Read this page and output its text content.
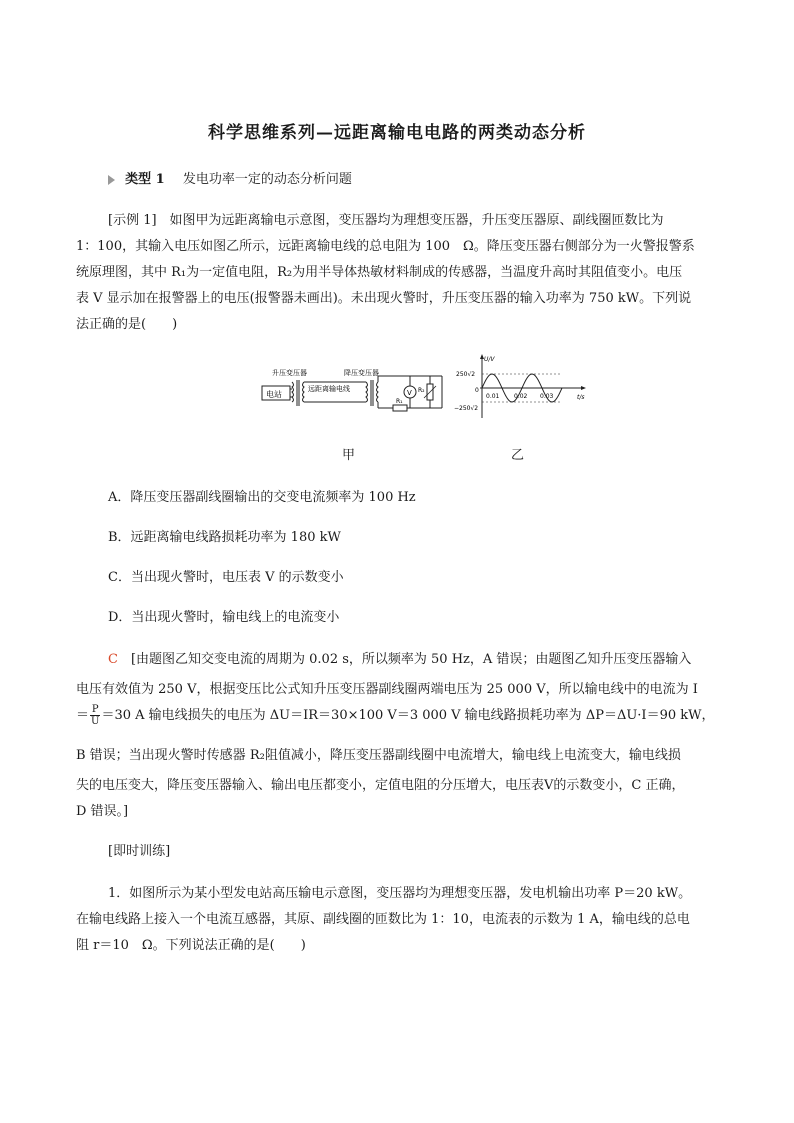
科学思维系列—远距离输电电路的两类动态分析
类型 1 发电功率一定的动态分析问题
[示例 1]　如图甲为远距离输电示意图，变压器均为理想变压器，升压变压器原、副线圈匝数比为
1：100，其输入电压如图乙所示，远距离输电线的总电阻为 100　Ω。降压变压器右侧部分为一火警报警系
统原理图，其中 R₁为一定值电阻，R₂为用半导体热敏材料制成的传感器，当温度升高时其阻值变小。电压
表 V 显示加在报警器上的电压(报警器未画出)。未出现火警时，升压变压器的输入功率为 750 kW。下列说
法正确的是(　　)
电站
升压变压器
远距离输电线
降压变压器
R₁
V R₂
U/V
t/s
250√2
−250√2
0
0.01 0.02 0.03
甲	乙
A．降压变压器副线圈输出的交变电流频率为 100 Hz
B．远距离输电线路损耗功率为 180 kW
C．当出现火警时，电压表 V 的示数变小
D．当出现火警时，输电线上的电流变小
C　[由题图乙知交变电流的周期为 0.02 s，所以频率为 50 Hz，A 错误；由题图乙知升压变压器输入
电压有效值为 250 V，根据变压比公式知升压变压器副线圈两端电压为 25 000 V，所以输电线中的电流为 I
＝ $\frac{P}{U} =30$ A 输电线损失的电压为 ΔU＝IR＝30×100 V＝3 000 V 输电线路损耗功率为 ΔP＝ΔU·I＝90 kW，
B 错误；当出现火警时传感器 R₂阻值减小，降压变压器副线圈中电流增大，输电线上电流变大，输电线损
失的电压变大，降压变压器输入、输出电压都变小，定值电阻的分压增大，电压表V的示数变小，C 正确，
D 错误。]
[即时训练]
1．如图所示为某小型发电站高压输电示意图，变压器均为理想变压器，发电机输出功率 P＝20 kW。
在输电线路上接入一个电流互感器，其原、副线圈的匝数比为 1：10，电流表的示数为 1 A，输电线的总电
阻 r＝10　Ω。下列说法正确的是(　　)
